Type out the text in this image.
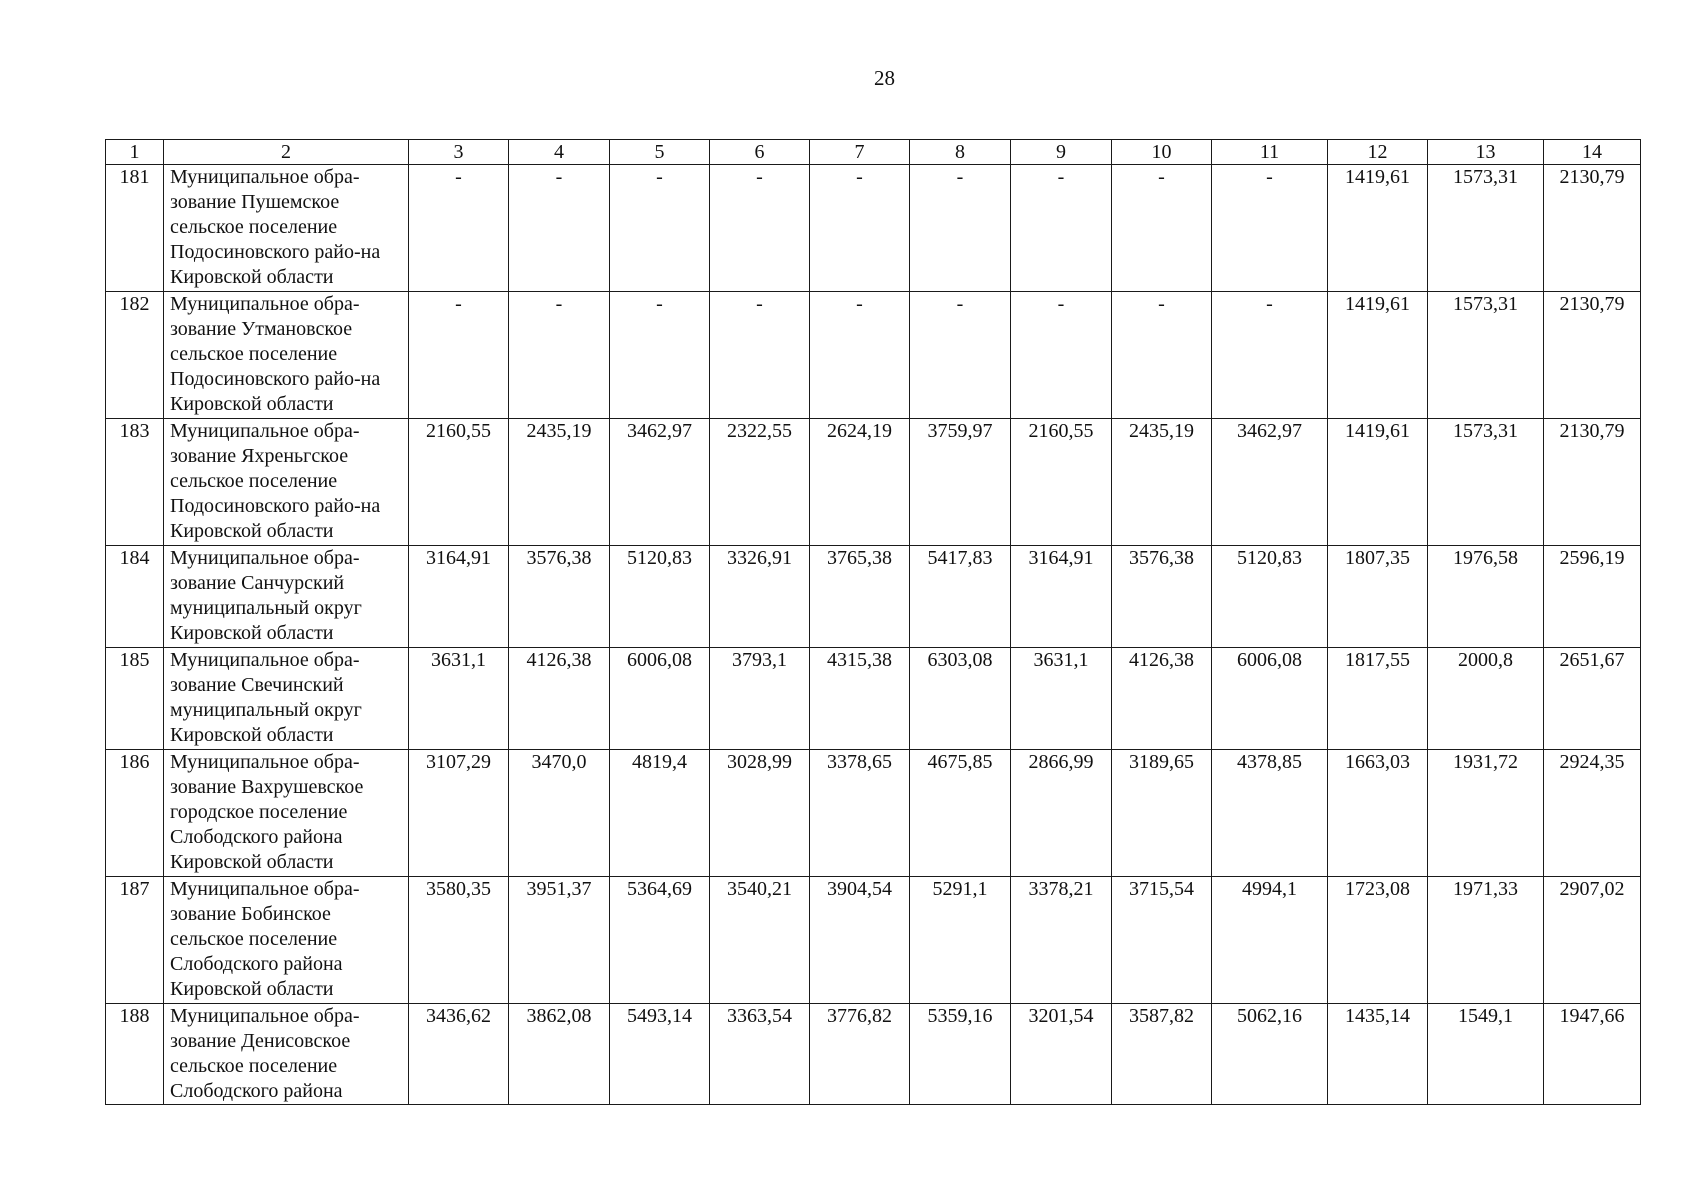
28
1	2	3	4	5	6	7	8	9	10	11	12	13	14
181	Муниципальное обра-зование Пушемское сельское поселение Подосиновского райо-на Кировской области	-	-	-	-	-	-	-	-	-	1419,61	1573,31	2130,79
182	Муниципальное обра-зование Утмановское сельское поселение Подосиновского райо-на Кировской области	-	-	-	-	-	-	-	-	-	1419,61	1573,31	2130,79
183	Муниципальное обра-зование Яхреньгское сельское поселение Подосиновского райо-на Кировской области	2160,55	2435,19	3462,97	2322,55	2624,19	3759,97	2160,55	2435,19	3462,97	1419,61	1573,31	2130,79
184	Муниципальное обра-зование Санчурский муниципальный округ Кировской области	3164,91	3576,38	5120,83	3326,91	3765,38	5417,83	3164,91	3576,38	5120,83	1807,35	1976,58	2596,19
185	Муниципальное обра-зование Свечинский муниципальный округ Кировской области	3631,1	4126,38	6006,08	3793,1	4315,38	6303,08	3631,1	4126,38	6006,08	1817,55	2000,8	2651,67
186	Муниципальное обра-зование Вахрушевское городское поселение Слободского района Кировской области	3107,29	3470,0	4819,4	3028,99	3378,65	4675,85	2866,99	3189,65	4378,85	1663,03	1931,72	2924,35
187	Муниципальное обра-зование Бобинское сельское поселение Слободского района Кировской области	3580,35	3951,37	5364,69	3540,21	3904,54	5291,1	3378,21	3715,54	4994,1	1723,08	1971,33	2907,02
188	Муниципальное обра-зование Денисовское сельское поселение Слободского района	3436,62	3862,08	5493,14	3363,54	3776,82	5359,16	3201,54	3587,82	5062,16	1435,14	1549,1	1947,66
